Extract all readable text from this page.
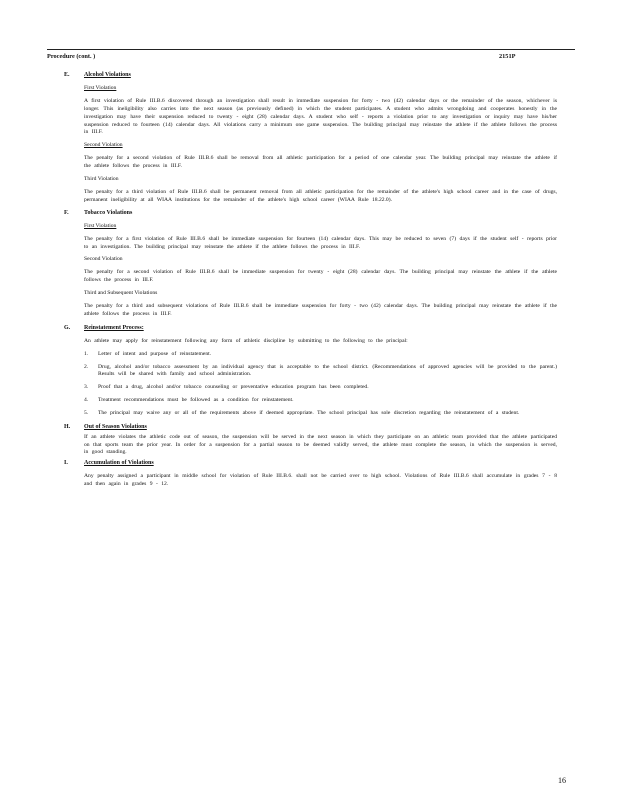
Procedure (cont. )	2151P
E. Alcohol Violations
First Violation
A first violation of Rule III.B.6 discovered through an investigation shall result in immediate suspension for forty - two (42) calendar days or the remainder of the season, whichever is longer. This ineligibility also carries into the next season (as previously defined) in which the student participates. A student who admits wrongdoing and cooperates honestly in the investigation may have their suspension reduced to twenty - eight (28) calendar days. A student who self - reports a violation prior to any investigation or inquiry may have his/her suspension reduced to fourteen (14) calendar days. All violations carry a minimum one game suspension. The building principal may reinstate the athlete if the athlete follows the process in III.F.
Second Violation
The penalty for a second violation of Rule III.B.6 shall be removal from all athletic participation for a period of one calendar year. The building principal may reinstate the athlete if the athlete follows the process in III.F.
Third Violation
The penalty for a third violation of Rule III.B.6 shall be permanent removal from all athletic participation for the remainder of the athlete's high school career and in the case of drugs, permanent ineligibility at all WIAA institutions for the remainder of the athlete's high school career (WIAA Rule 18.22.0).
F.	Tobacco Violations
First Violation
The penalty for a first violation of Rule III.B.6 shall be immediate suspension for fourteen (14) calendar days. This may be reduced to seven (7) days if the student self - reports prior to an investigation. The building principal may reinstate the athlete if the athlete follows the process in III.F.
Second Violation
The penalty for a second violation of Rule III.B.6 shall be immediate suspension for twenty - eight (28) calendar days. The building principal may reinstate the athlete if the athlete follows the process in III.F.
Third and Subsequent Violations
The penalty for a third and subsequent violations of Rule III.B.6 shall be immediate suspension for forty - two (42) calendar days. The building principal may reinstate the athlete if the athlete follows the process in III.F.
G. Reinstatement Process:
An athlete may apply for reinstatement following any form of athletic discipline by submitting to the following to the principal:
1. Letter of intent and purpose of reinstatement.
2. Drug, alcohol and/or tobacco assessment by an individual agency that is acceptable to the school district. (Recommendations of approved agencies will be provided to the parent.) Results will be shared with family and school administration.
3. Proof that a drug, alcohol and/or tobacco counseling or preventative education program has been completed.
4. Treatment recommendations must be followed as a condition for reinstatement.
5. The principal may waive any or all of the requirements above if deemed appropriate. The school principal has sole discretion regarding the reinstatement of a student.
H. Out of Season Violations
If an athlete violates the athletic code out of season, the suspension will be served in the next season in which they participate on an athletic team provided that the athlete participated on that sports team the prior year. In order for a suspension for a partial season to be deemed validly served, the athlete must complete the season, in which the suspension is served, in good standing.
I.	Accumulation of Violations
Any penalty assigned a participant in middle school for violation of Rule III.B.6. shall not be carried over to high school. Violations of Rule III.B.6 shall accumulate in grades 7 - 8 and then again in grades 9 - 12.
16
